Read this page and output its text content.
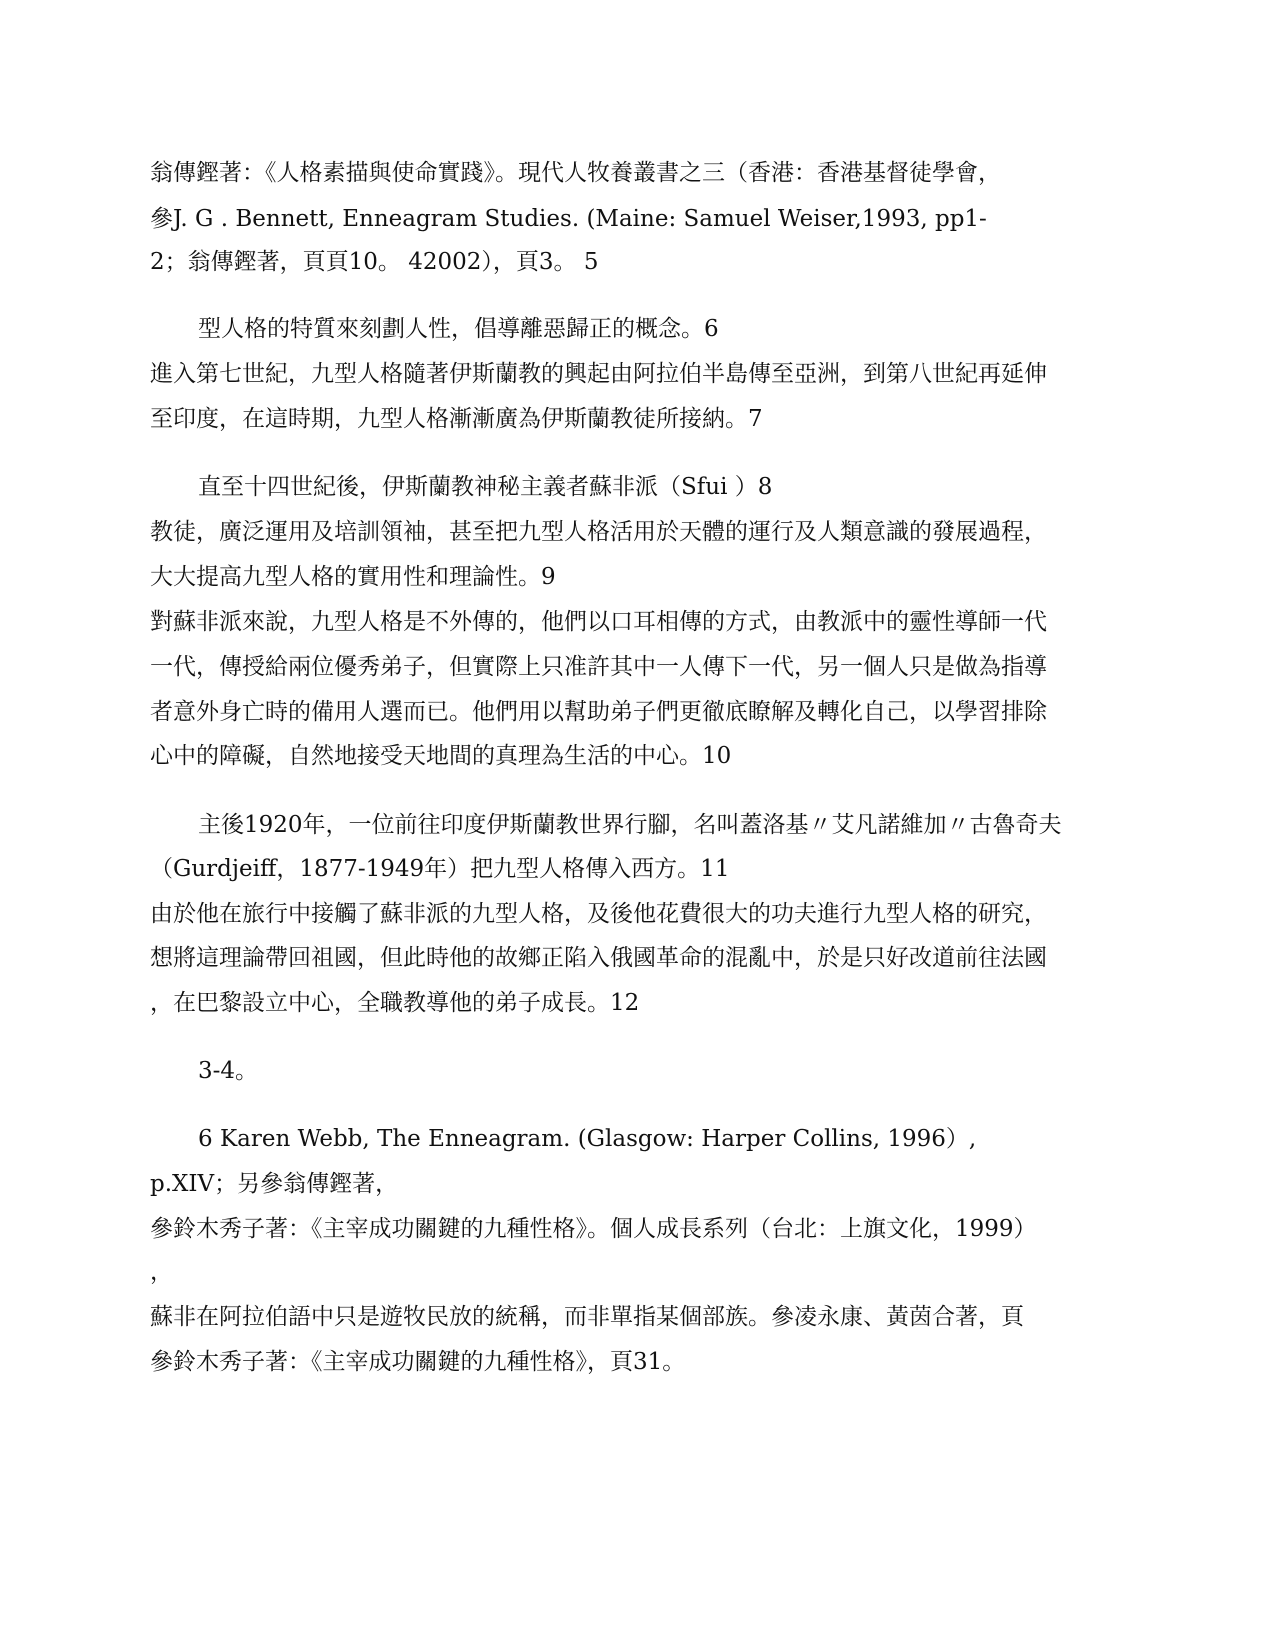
翁傳鏗著：《人格素描與使命實踐》。現代人牧養叢書之三（香港：香港基督徒學會，

參J. G . Bennett, Enneagram Studies. (Maine: Samuel Weiser,1993, pp1-

2；翁傳鏗著，頁頁10。 42002），頁3。 5

型人格的特質來刻劃人性，倡導離惡歸正的概念。6

進入第七世紀，九型人格隨著伊斯蘭教的興起由阿拉伯半島傳至亞洲，到第八世紀再延伸

至印度，在這時期，九型人格漸漸廣為伊斯蘭教徒所接納。7

直至十四世紀後，伊斯蘭教神秘主義者蘇非派（Sfui ）8

教徒，廣泛運用及培訓領袖，甚至把九型人格活用於天體的運行及人類意識的發展過程，

大大提高九型人格的實用性和理論性。9

對蘇非派來說，九型人格是不外傳的，他們以口耳相傳的方式，由教派中的靈性導師一代

一代，傳授給兩位優秀弟子，但實際上只准許其中一人傳下一代，另一個人只是做為指導

者意外身亡時的備用人選而已。他們用以幫助弟子們更徹底瞭解及轉化自己，以學習排除

心中的障礙，自然地接受天地間的真理為生活的中心。10

主後1920年，一位前往印度伊斯蘭教世界行腳，名叫蓋洛基〃艾凡諾維加〃古魯奇夫

（Gurdjeiff，1877-1949年）把九型人格傳入西方。11

由於他在旅行中接觸了蘇非派的九型人格，及後他花費很大的功夫進行九型人格的研究，

想將這理論帶回祖國，但此時他的故鄉正陷入俄國革命的混亂中，於是只好改道前往法國

，在巴黎設立中心，全職教導他的弟子成長。12

3-4。

6 Karen Webb, The Enneagram. (Glasgow: Harper Collins, 1996）,

p.XIV；另參翁傳鏗著，

參鈴木秀子著：《主宰成功關鍵的九種性格》。個人成長系列（台北：上旗文化，1999）

，

蘇非在阿拉伯語中只是遊牧民放的統稱，而非單指某個部族。參凌永康、黃茵合著，頁

參鈴木秀子著：《主宰成功關鍵的九種性格》，頁31。
